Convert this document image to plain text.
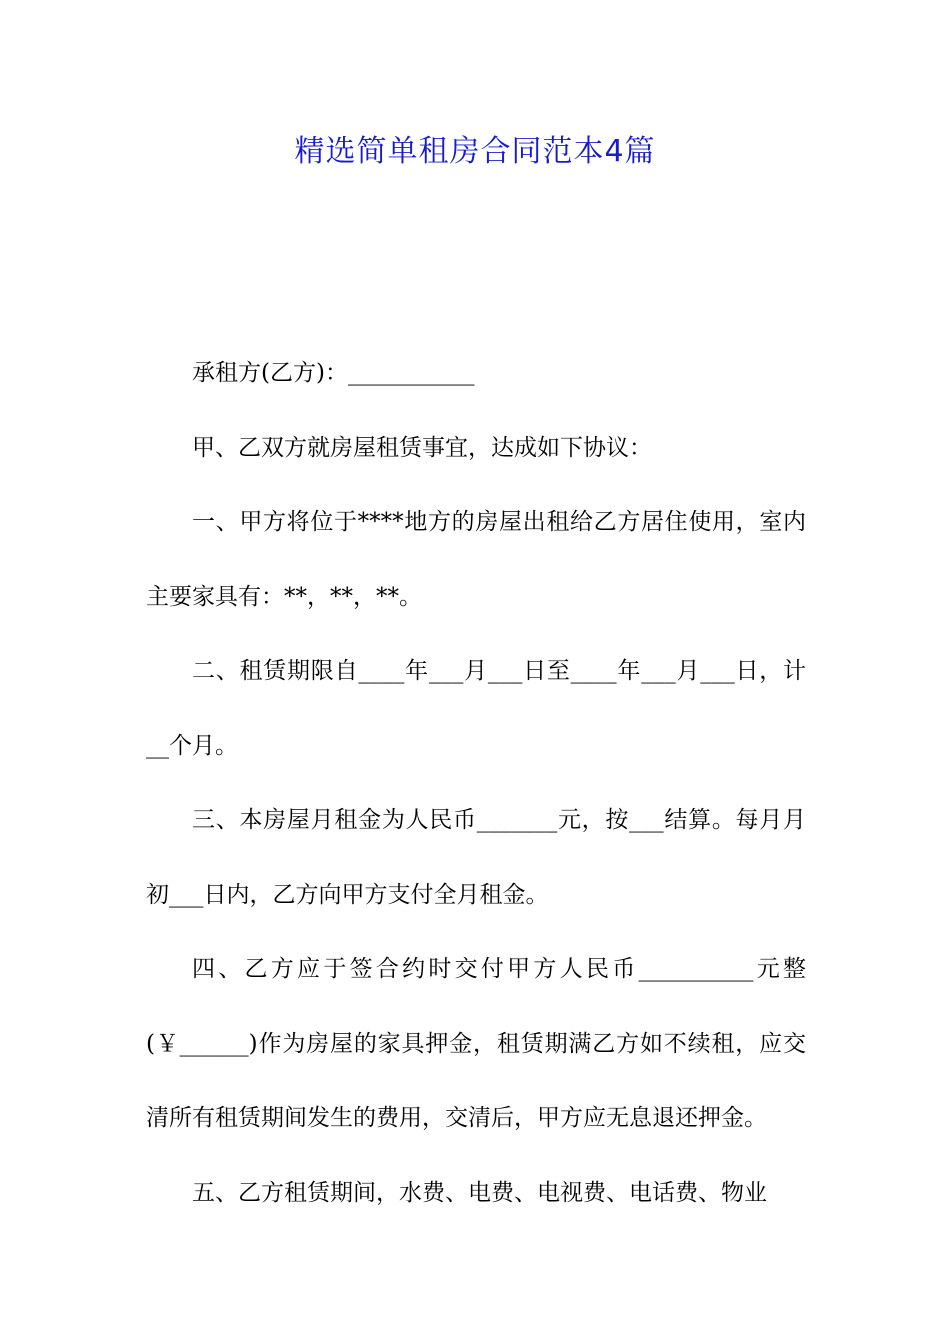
精选简单租房合同范本4篇

承租方(乙方)：___________

甲、乙双方就房屋租赁事宜，达成如下协议：

一、甲方将位于****地方的房屋出租给乙方居住使用，室内主要家具有：**，**，**。

二、租赁期限自____年___月___日至____年___月___日，计__个月。

三、本房屋月租金为人民币_______元，按___结算。每月月初___日内，乙方向甲方支付全月租金。

四、乙方应于签合约时交付甲方人民币__________元整(￥______)作为房屋的家具押金，租赁期满乙方如不续租，应交清所有租赁期间发生的费用，交清后，甲方应无息退还押金。

五、乙方租赁期间，水费、电费、电视费、电话费、物业
